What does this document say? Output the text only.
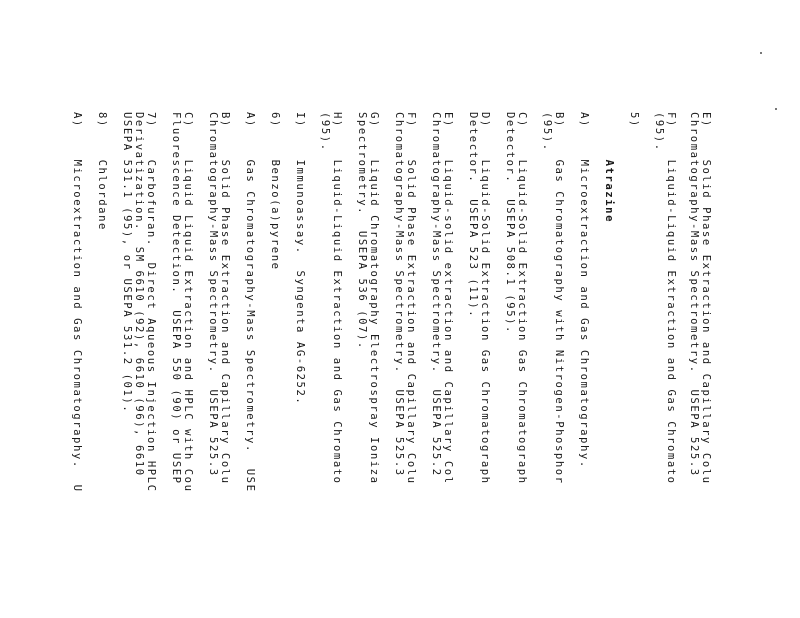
E)    Solid Phase Extraction and Capillary Colu
Chromatography-Mass Spectrometry.  USEPA 525.3
F)    Liquid-Liquid Extraction and Gas Chromato
(95).
5)
Atrazine
A)    Microextraction and Gas Chromatography.
B)    Gas Chromatography with Nitrogen-Phosphor
(95).
C)    Liquid-Solid Extraction Gas Chromatograph
Detector.  USEPA 508.1 (95).
D)    Liquid-Solid Extraction Gas Chromatograph
Detector.  USEPA 523 (11).
E)    Liquid-solid extraction and Capillary Col
Chromatography-Mass Spectrometry.  USEPA 525.2
F)    Solid Phase Extraction and Capillary Colu
Chromatography-Mass Spectrometry.  USEPA 525.3
G)    Liquid Chromatography Electrospray Ioniza
Spectrometry.  USEPA 536 (07).
H)    Liquid-Liquid Extraction and Gas Chromato
(95).
I)    Immunoassay.  Syngenta AG-6252.
6)    Benzo(a)pyrene
A)    Gas Chromatography-Mass Spectrometry.  USE
B)    Solid Phase Extraction and Capillary Colu
Chromatography-Mass Spectrometry.  USEPA 525.3
C)    Liquid Liquid Extraction and HPLC with Cou
Fluorescence Detection.  USEPA 550 (90) or USEP
7)    Carbofuran.  Direct Aqueous Injection HPLC
Derivatization.  SM 6610 (92), 6610 (96), 6610
USEPA 531.1 (95), or USEPA 531.2 (01).
8)    Chlordane
A)    Microextraction and Gas Chromatography.  U
